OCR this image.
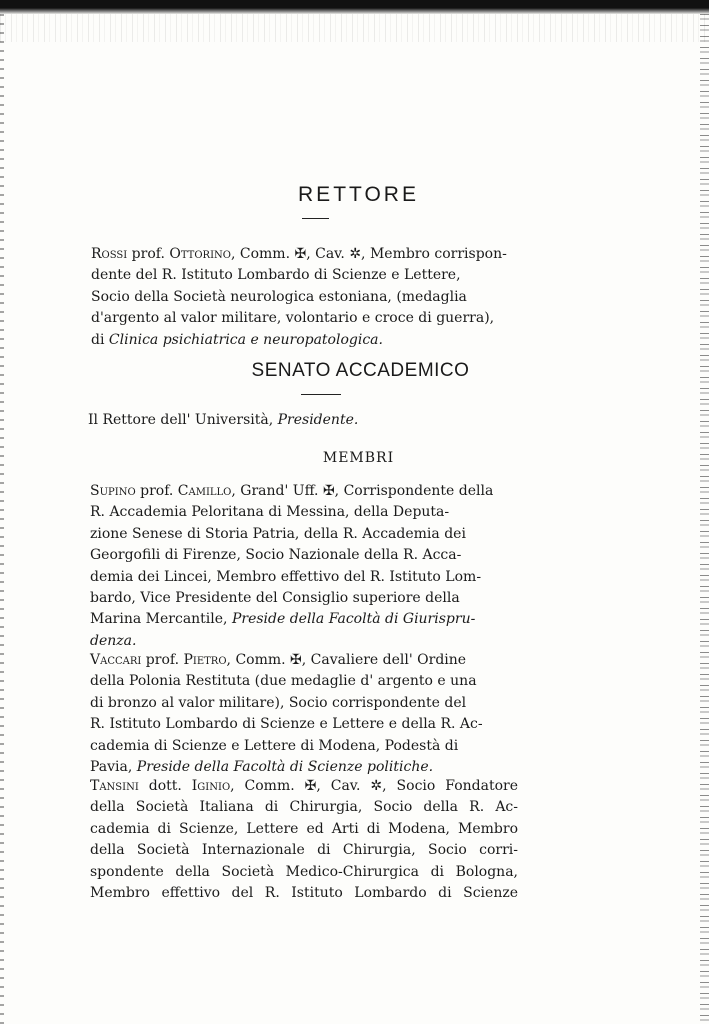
RETTORE

Rossi prof. Ottorino, Comm. ✠, Cav. ✲, Membro corrispon-
dente del R. Istituto Lombardo di Scienze e Lettere,
Socio della Società neurologica estoniana, (medaglia
d'argento al valor militare, volontario e croce di guerra),
di Clinica psichiatrica e neuropatologica.

SENATO ACCADEMICO

Il Rettore dell' Università, Presidente.

MEMBRI

Supino prof. Camillo, Grand' Uff. ✠, Corrispondente della
R. Accademia Peloritana di Messina, della Deputa-
zione Senese di Storia Patria, della R. Accademia dei
Georgofili di Firenze, Socio Nazionale della R. Acca-
demia dei Lincei, Membro effettivo del R. Istituto Lom-
bardo, Vice Presidente del Consiglio superiore della
Marina Mercantile, Preside della Facoltà di Giurispru-
denza.

Vaccari prof. Pietro, Comm. ✠, Cavaliere dell' Ordine
della Polonia Restituta (due medaglie d' argento e una
di bronzo al valor militare), Socio corrispondente del
R. Istituto Lombardo di Scienze e Lettere e della R. Ac-
cademia di Scienze e Lettere di Modena, Podestà di
Pavia, Preside della Facoltà di Scienze politiche.

Tansini dott. Iginio, Comm. ✠, Cav. ✲, Socio Fondatore
della Società Italiana di Chirurgia, Socio della R. Ac-
cademia di Scienze, Lettere ed Arti di Modena, Membro
della Società Internazionale di Chirurgia, Socio corri-
spondente della Società Medico-Chirurgica di Bologna,
Membro effettivo del R. Istituto Lombardo di Scienze
